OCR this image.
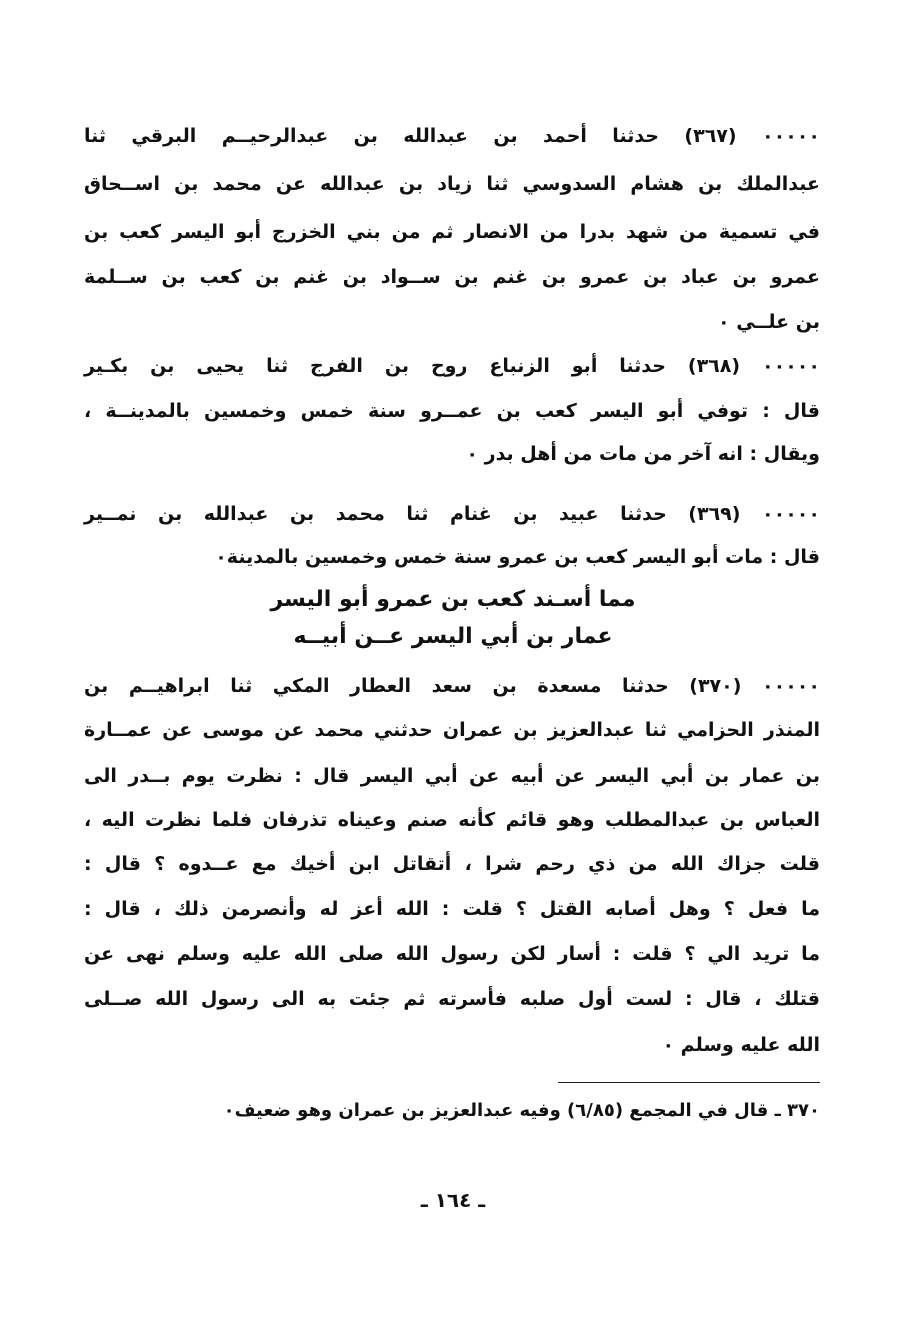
٠٠٠٠٠ (٣٦٧) حدثنا أحمد بن عبدالله بن عبدالرحيــم البرقي ثنا
عبدالملك بن هشام السدوسي ثنا زياد بن عبدالله عن محمد بن اســحاق
في تسمية من شهد بدرا من الانصار ثم من بني الخزرج أبو اليسر كعب بن
عمرو بن عباد بن عمرو بن غنم بن ســواد بن غنم بن كعب بن ســلمة
بن علــي ٠
٠٠٠٠٠ (٣٦٨) حدثنا أبو الزنباع روح بن الفرج ثنا يحيى بن بكـير
قال : توفي أبو اليسر كعب بن عمــرو سنة خمس وخمسين بالمدينــة ،
ويقال : انه آخر من مات من أهل بدر ٠
٠٠٠٠٠ (٣٦٩) حدثنا عبيد بن غنام ثنا محمد بن عبدالله بن نمــير
قال : مات أبو اليسر كعب بن عمرو سنة خمس وخمسين بالمدينة٠
مما أسـند كعب بن عمرو أبو اليسر
عمار بن أبي اليسر عــن أبيــه
٠٠٠٠٠ (٣٧٠) حدثنا مسعدة بن سعد العطار المكي ثنا ابراهيــم بن
المنذر الحزامي ثنا عبدالعزيز بن عمران حدثني محمد عن موسى عن عمــارة
بن عمار بن أبي اليسر عن أبيه عن أبي اليسر قال : نظرت يوم بــدر الى
العباس بن عبدالمطلب وهو قائم كأنه صنم وعيناه تذرفان فلما نظرت اليه ،
قلت جزاك الله من ذي رحم شرا ، أتقاتل ابن أخيك مع عــدوه ؟ قال :
ما فعل ؟ وهل أصابه القتل ؟ قلت : الله أعز له وأنصرمن ذلك ، قال :
ما تريد الي ؟ قلت : أسار لكن رسول الله صلى الله عليه وسلم نهى عن
قتلك ، قال : لست أول صلبه فأسرته ثم جئت به الى رسول الله صــلى
الله عليه وسلم ٠
٣٧٠ ـ قال في المجمع (٦/٨٥) وفيه عبدالعزيز بن عمران وهو ضعيف٠
ـ ١٦٤ ـ
